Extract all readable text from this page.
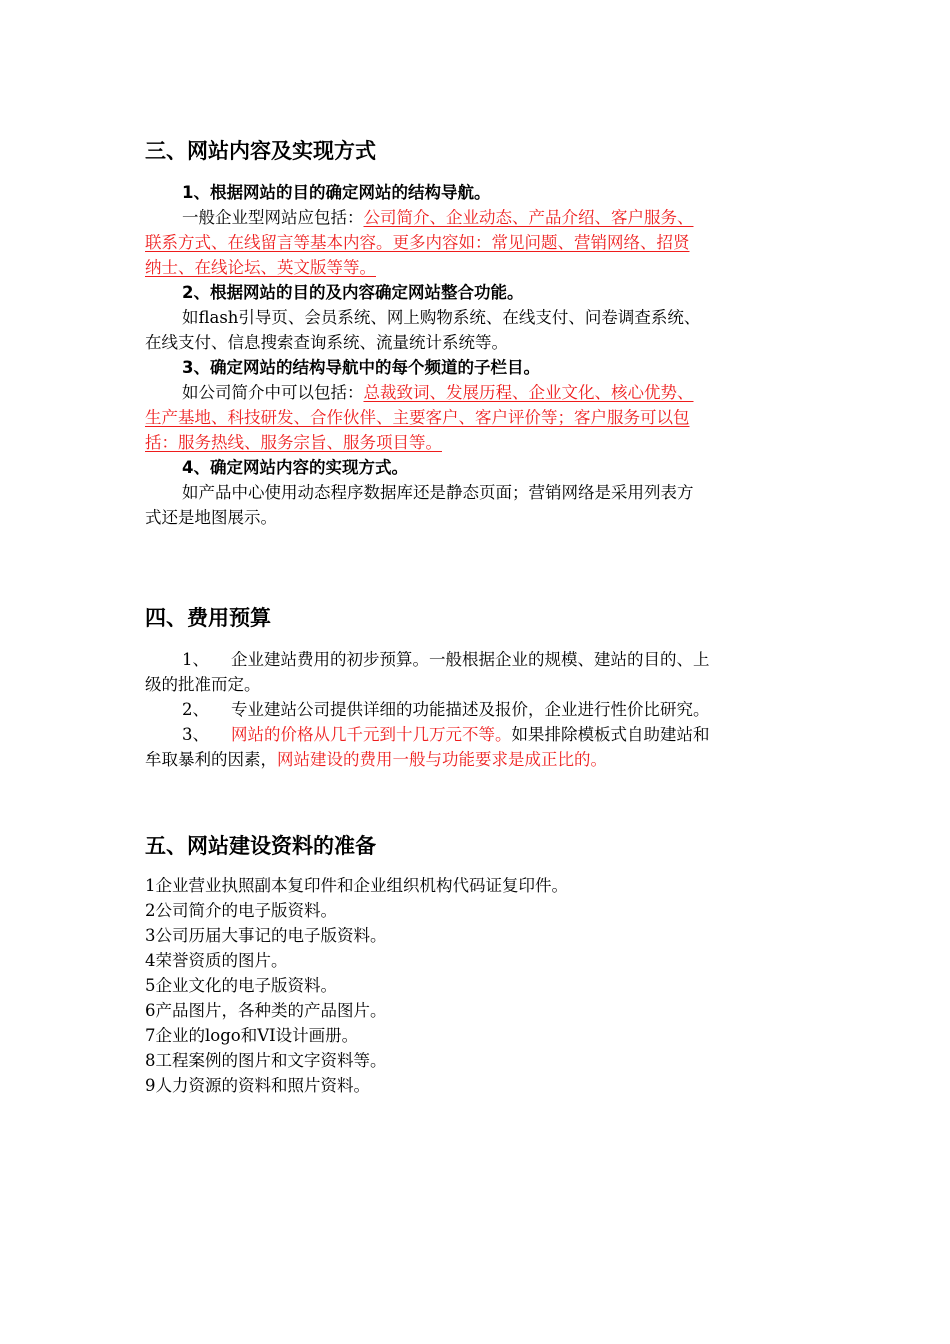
三、网站内容及实现方式
1、根据网站的目的确定网站的结构导航。
一般企业型网站应包括：公司简介、企业动态、产品介绍、客户服务、
联系方式、在线留言等基本内容。更多内容如：常见问题、营销网络、招贤
纳士、在线论坛、英文版等等。
2、根据网站的目的及内容确定网站整合功能。
如flash引导页、会员系统、网上购物系统、在线支付、问卷调查系统、
在线支付、信息搜索查询系统、流量统计系统等。
3、确定网站的结构导航中的每个频道的子栏目。
如公司简介中可以包括：总裁致词、发展历程、企业文化、核心优势、
生产基地、科技研发、合作伙伴、主要客户、客户评价等；客户服务可以包
括：服务热线、服务宗旨、服务项目等。
4、确定网站内容的实现方式。
如产品中心使用动态程序数据库还是静态页面；营销网络是采用列表方
式还是地图展示。
四、费用预算
1、 企业建站费用的初步预算。一般根据企业的规模、建站的目的、上
级的批准而定。
2、 专业建站公司提供详细的功能描述及报价，企业进行性价比研究。
3、 网站的价格从几千元到十几万元不等。如果排除模板式自助建站和
牟取暴利的因素，网站建设的费用一般与功能要求是成正比的。
五、网站建设资料的准备
1企业营业执照副本复印件和企业组织机构代码证复印件。
2公司简介的电子版资料。
3公司历届大事记的电子版资料。
4荣誉资质的图片。
5企业文化的电子版资料。
6产品图片，各种类的产品图片。
7企业的logo和VI设计画册。
8工程案例的图片和文字资料等。
9人力资源的资料和照片资料。
